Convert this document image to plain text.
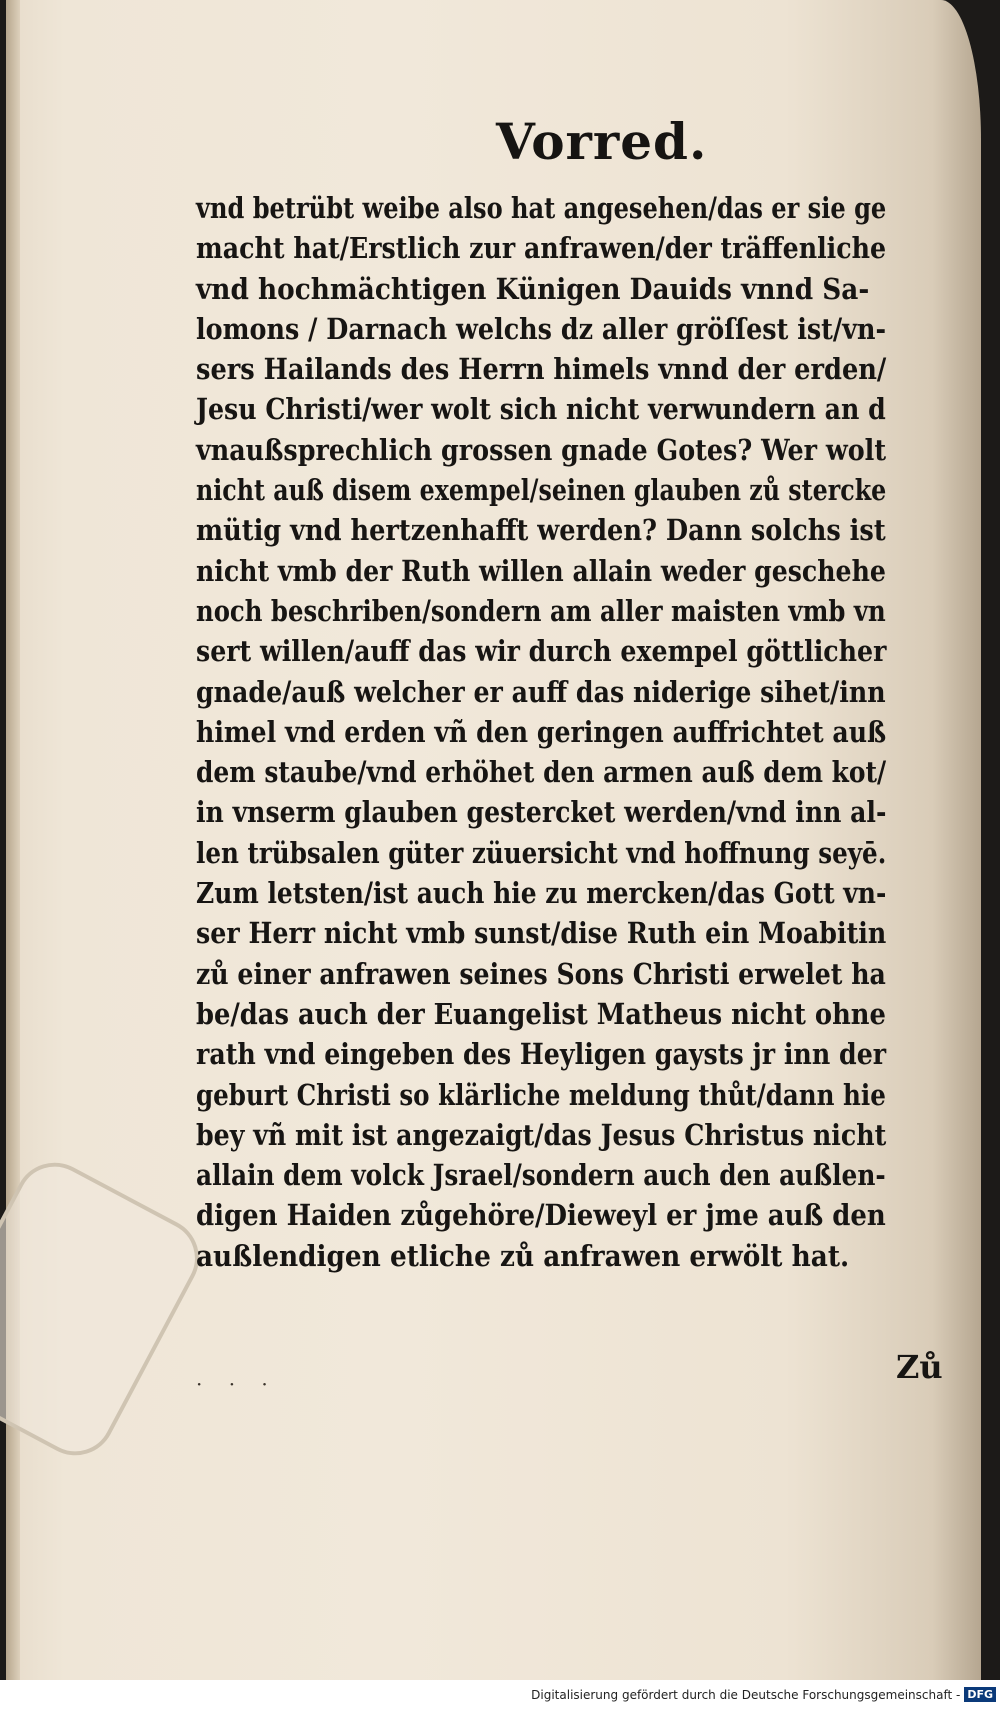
Vorred.
vnd betrübt weibe also hat angesehen/das er sie ge
macht hat/Erstlich zur anfrawen/der träffenliche
vnd hochmächtigen Künigen Dauids vnnd Sa-
lomons / Darnach welchs dz aller gröſſest ist/vn-
sers Hailands des Herrn himels vnnd der erden/
Jesu Christi/wer wolt sich nicht verwundern an d
vnaußsprechlich grossen gnade Gotes? Wer wolt
nicht auß disem exempel/seinen glauben zů stercke
mütig vnd hertzenhafft werden? Dann solchs ist
nicht vmb der Ruth willen allain weder geschehe
noch beschriben/sondern am aller maisten vmb vn
sert willen/auff das wir durch exempel göttlicher
gnade/auß welcher er auff das niderige sihet/inn
himel vnd erden vñ den geringen auffrichtet auß
dem staube/vnd erhöhet den armen auß dem kot/
in vnserm glauben gestercket werden/vnd inn al-
len trübsalen güter züuersicht vnd hoffnung seyē.
Zum letsten/ist auch hie zu mercken/das Gott vn-
ser Herr nicht vmb sunst/dise Ruth ein Moabitin
zů einer anfrawen seines Sons Christi erwelet ha
be/das auch der Euangelist Matheus nicht ohne
rath vnd eingeben des Heyligen gaysts jr inn der
geburt Christi so klärliche meldung thůt/dann hie
bey vñ mit ist angezaigt/das Jesus Christus nicht
allain dem volck Jsrael/sondern auch den außlen-
digen Haiden zůgehöre/Dieweyl er jme auß den
außlendigen etliche zů anfrawen erwölt hat.
· · ·	Zů
Digitalisierung gefördert durch die Deutsche Forschungsgemeinschaft - DFG
